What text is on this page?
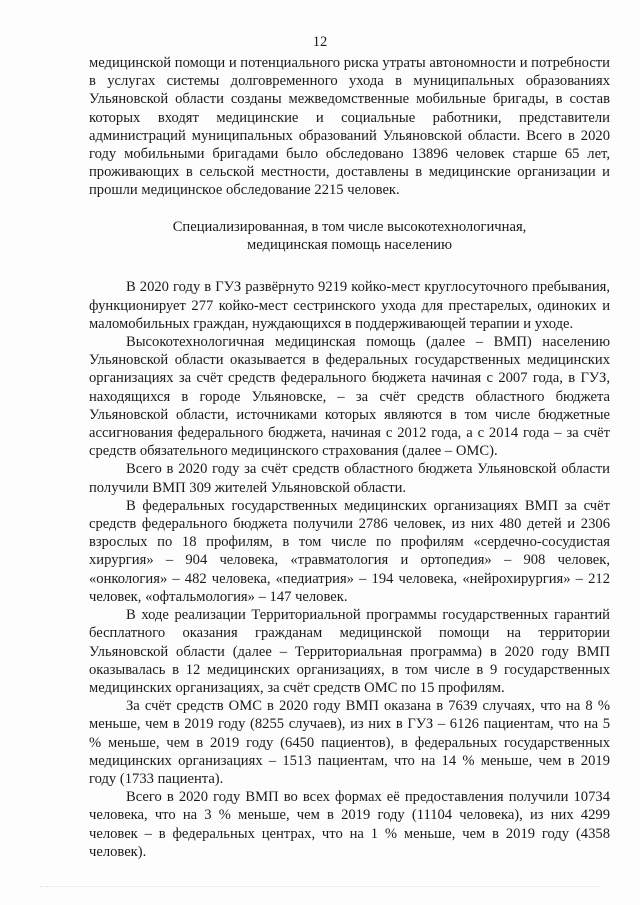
12

медицинской помощи и потенциального риска утраты автономности и потребности в услугах системы долговременного ухода в муниципальных образованиях Ульяновской области созданы межведомственные мобильные бригады, в состав которых входят медицинские и социальные работники, представители администраций муниципальных образований Ульяновской области. Всего в 2020 году мобильными бригадами было обследовано 13896 человек старше 65 лет, проживающих в сельской местности, доставлены в медицинские организации и прошли медицинское обследование 2215 человек.

Специализированная, в том числе высокотехнологичная,
медицинская помощь населению

В 2020 году в ГУЗ развёрнуто 9219 койко-мест круглосуточного пребывания, функционирует 277 койко-мест сестринского ухода для престарелых, одиноких и маломобильных граждан, нуждающихся в поддерживающей терапии и уходе.

Высокотехнологичная медицинская помощь (далее – ВМП) населению Ульяновской области оказывается в федеральных государственных медицинских организациях за счёт средств федерального бюджета начиная с 2007 года, в ГУЗ, находящихся в городе Ульяновске, – за счёт средств областного бюджета Ульяновской области, источниками которых являются в том числе бюджетные ассигнования федерального бюджета, начиная с 2012 года, а с 2014 года – за счёт средств обязательного медицинского страхования (далее – ОМС).

Всего в 2020 году за счёт средств областного бюджета Ульяновской области получили ВМП 309 жителей Ульяновской области.

В федеральных государственных медицинских организациях ВМП за счёт средств федерального бюджета получили 2786 человек, из них 480 детей и 2306 взрослых по 18 профилям, в том числе по профилям «сердечно-сосудистая хирургия» – 904 человека, «травматология и ортопедия» – 908 человек, «онкология» – 482 человека, «педиатрия» – 194 человека, «нейрохирургия» – 212 человек, «офтальмология» – 147 человек.

В ходе реализации Территориальной программы государственных гарантий бесплатного оказания гражданам медицинской помощи на территории Ульяновской области (далее – Территориальная программа) в 2020 году ВМП оказывалась в 12 медицинских организациях, в том числе в 9 государственных медицинских организациях, за счёт средств ОМС по 15 профилям.

За счёт средств ОМС в 2020 году ВМП оказана в 7639 случаях, что на 8 % меньше, чем в 2019 году (8255 случаев), из них в ГУЗ – 6126 пациентам, что на 5 % меньше, чем в 2019 году (6450 пациентов), в федеральных государственных медицинских организациях – 1513 пациентам, что на 14 % меньше, чем в 2019 году (1733 пациента).

Всего в 2020 году ВМП во всех формах её предоставления получили 10734 человека, что на 3 % меньше, чем в 2019 году (11104 человека), из них 4299 человек – в федеральных центрах, что на 1 % меньше, чем в 2019 году (4358 человек).
